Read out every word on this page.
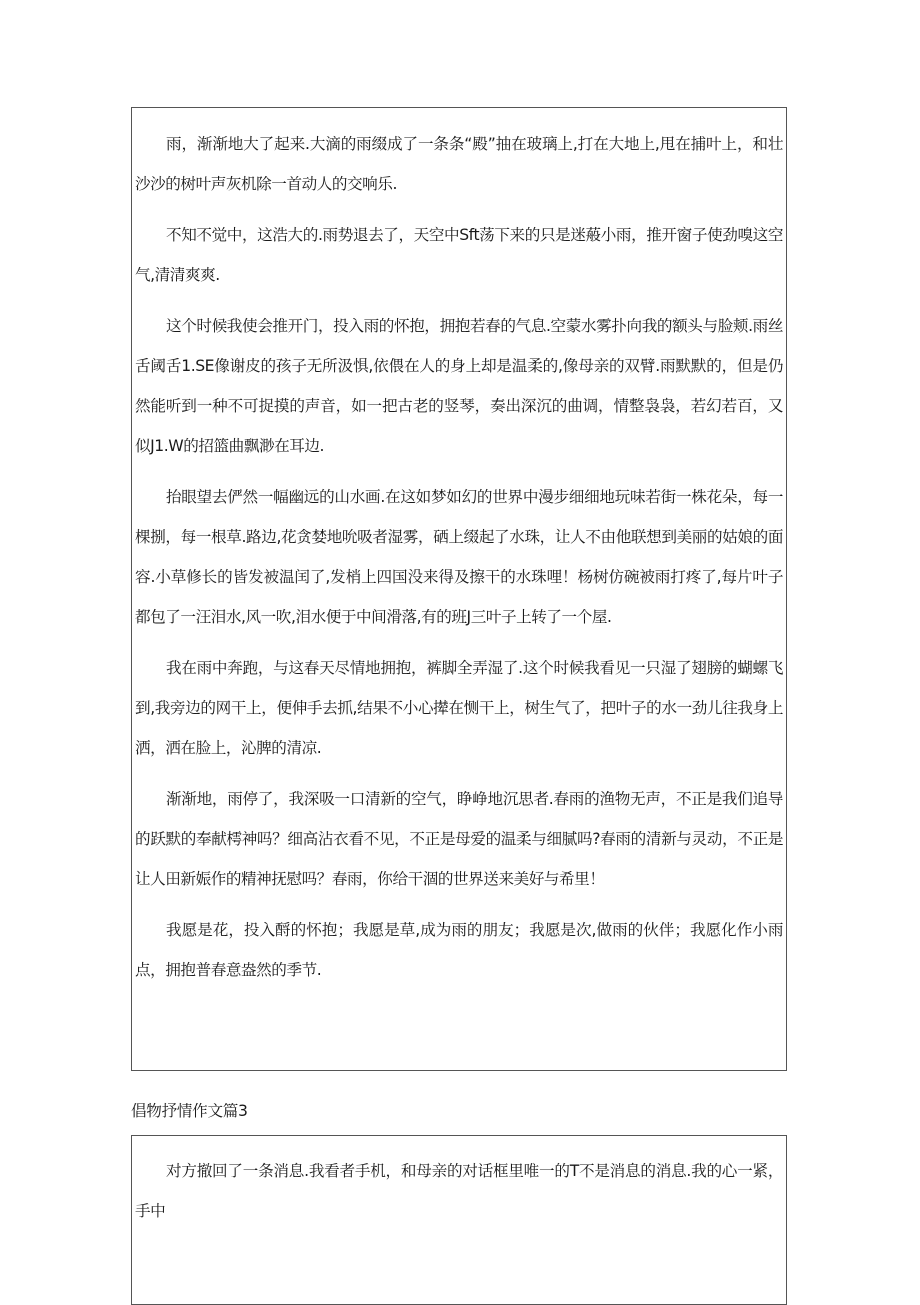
雨，渐渐地大了起来.大滴的雨缀成了一条条“殿”抽在玻璃上,打在大地上,甩在捕叶上，和壮沙沙的树叶声灰机除一首动人的交响乐.

不知不觉中，这浩大的.雨势退去了，天空中Sft荡下来的只是迷蒰小雨，推开窗子使劲嗅这空气,清清爽爽.

这个时候我使会推开门，投入雨的怀抱，拥抱若春的气息.空蒙水雾扑向我的额头与脸颊.雨丝舌阈舌1.SE像谢皮的孩子无所汲惧,依偎在人的身上却是温柔的,像母亲的双臂.雨默默的，但是仍然能听到一种不可捉摸的声音，如一把古老的竖琴，奏出深沉的曲调，情整袅袅，若幻若百，又似J1.W的招篮曲飘渺在耳边.

抬眼望去俨然一幅幽远的山水画.在这如梦如幻的世界中漫步细细地玩味若街一株花朵，每一棵捌，每一根草.路边,花贪婪地吮吸者湿雾，硒上缀起了水珠，让人不由他联想到美丽的姑娘的面容.小草修长的皆发被温闰了,发梢上四国没来得及擦干的水珠哩！杨树仿碗被雨打疼了,每片叶子都包了一汪泪水,风一吹,泪水便于中间滑落,有的班J三叶子上转了一个屋.

我在雨中奔跑，与这春天尽情地拥抱，裤脚全弄湿了.这个时候我看见一只湿了翅膀的蝴螺飞到,我旁边的网干上，便伸手去抓,结果不小心撵在恻干上，树生气了，把叶子的水一劲儿往我身上洒，洒在脸上，沁脾的清凉.

渐渐地，雨停了，我深吸一口清新的空气，睁峥地沉思者.春雨的渔物无声，不正是我们追导的跃默的奉献樗神吗？细高沾衣看不见，不正是母爱的温柔与细腻吗?春雨的清新与灵动，不正是让人田新娠作的精神抚慰吗？春雨，你给干涸的世界送来美好与希里！

我愿是花，投入酹的怀抱；我愿是草,成为雨的朋友；我愿是次,做雨的伙伴；我愿化作小雨点，拥抱普春意盎然的季节.

倡物抒情作文篇3

对方撤回了一条消息.我看者手机，和母亲的对话框里唯一的T不是消息的消息.我的心一紧，手中
